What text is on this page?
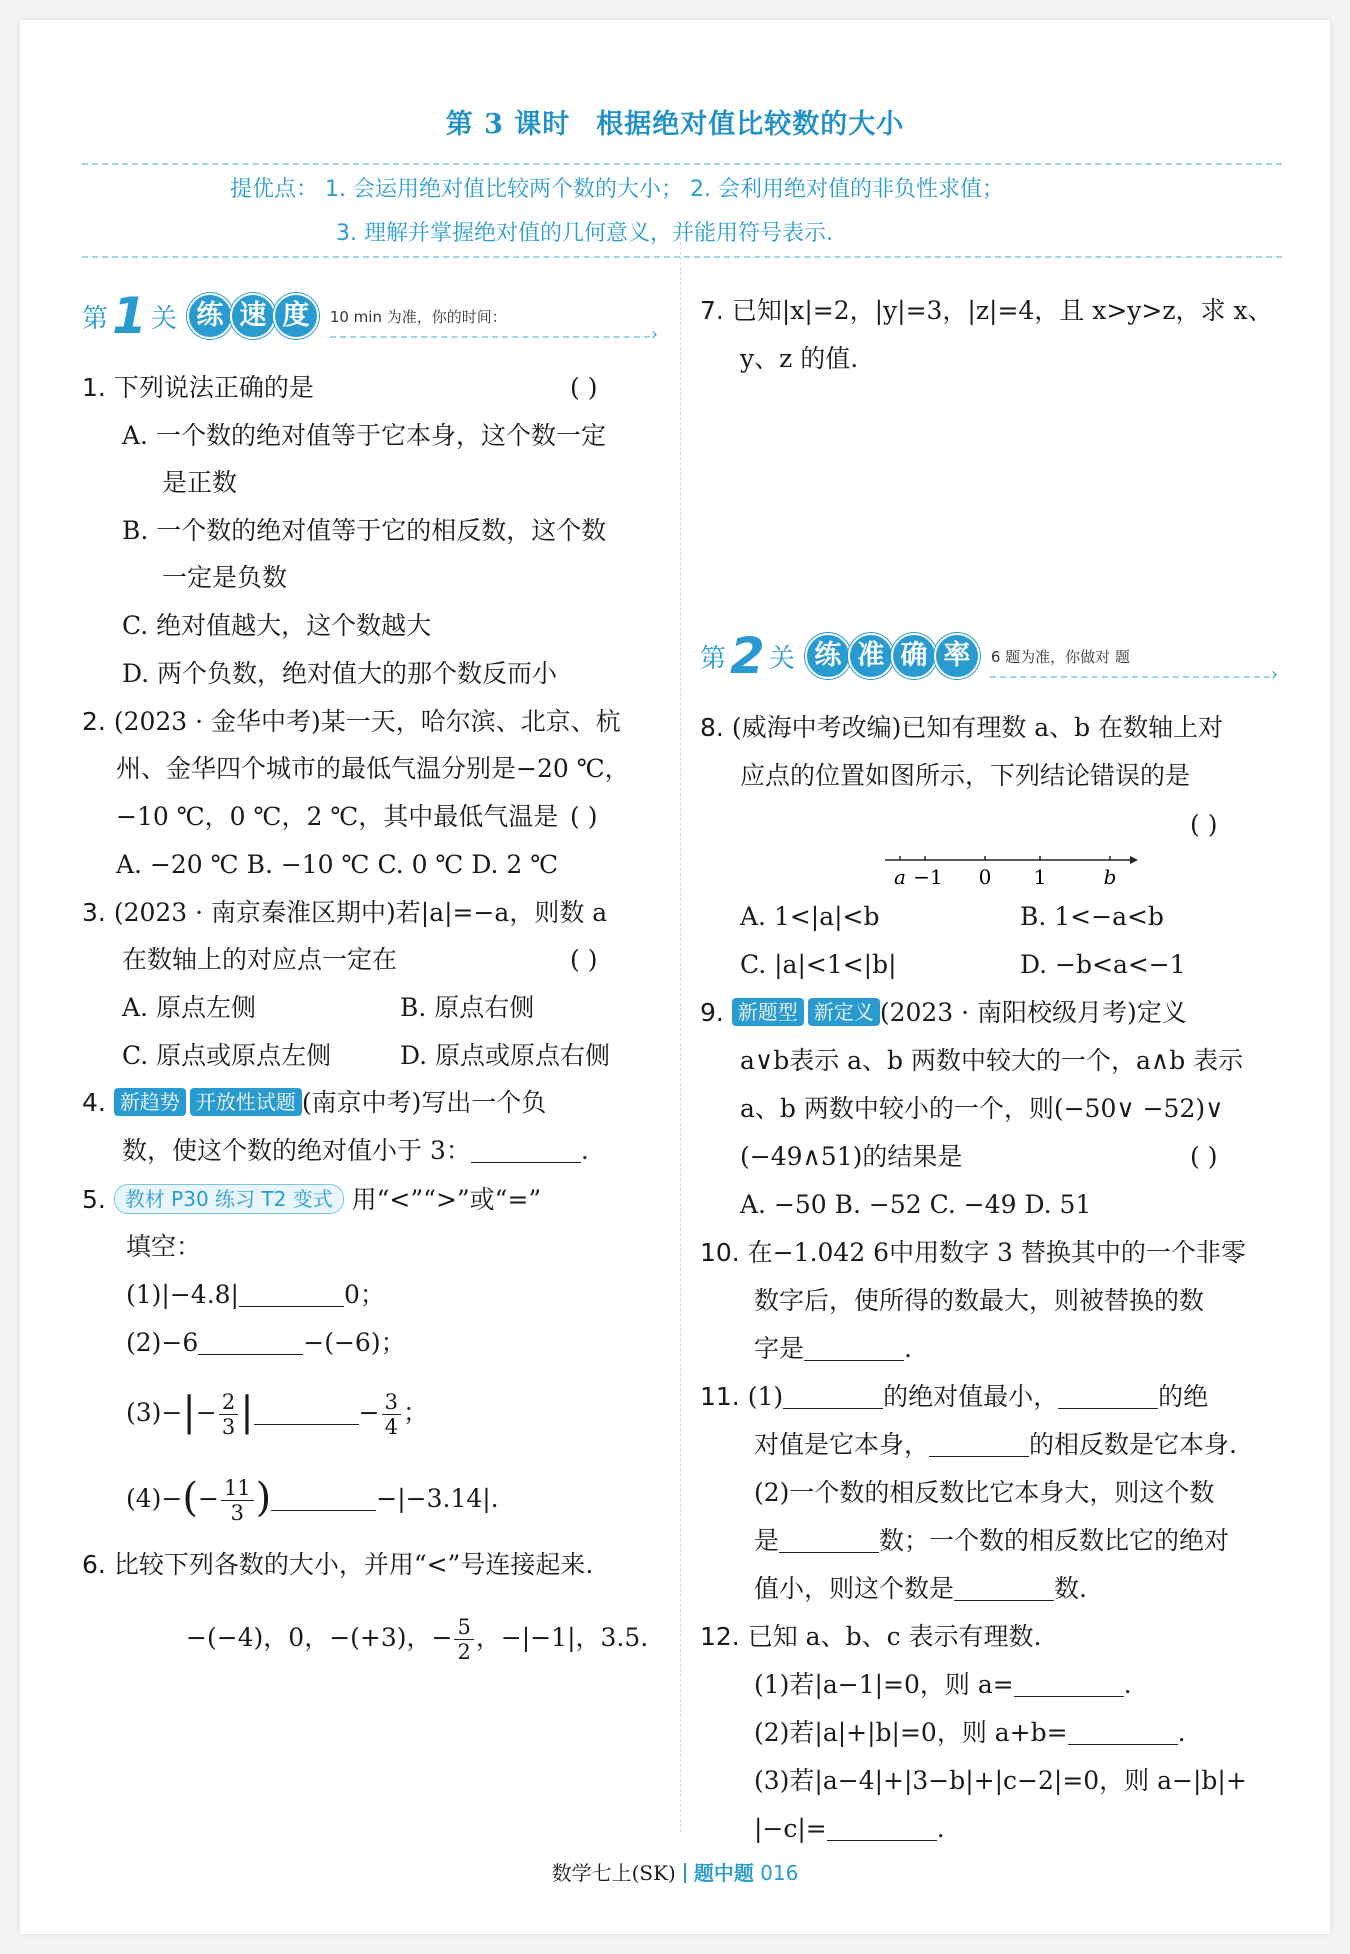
第 3 课时 根据绝对值比较数的大小
提优点： 1. 会运用绝对值比较两个数的大小； 2. 会利用绝对值的非负性求值；
3. 理解并掌握绝对值的几何意义，并能用符号表示.
第 1 关 练 速 度	10 min 为准，你的时间：
›
1. 下列说法正确的是	( )
A. 一个数的绝对值等于它本身，这个数一定
是正数
B. 一个数的绝对值等于它的相反数，这个数
一定是负数
C. 绝对值越大，这个数越大
D. 两个负数，绝对值大的那个数反而小
2. (2023 · 金华中考)某一天，哈尔滨、北京、杭
州、金华四个城市的最低气温分别是−20 ℃，
−10 ℃，0 ℃，2 ℃，其中最低气温是 ( )
A. −20 ℃ B. −10 ℃ C. 0 ℃ D. 2 ℃
3. (2023 · 南京秦淮区期中)若|a|=−a，则数 a
在数轴上的对应点一定在	( )
A. 原点左侧	B. 原点右侧
C. 原点或原点左侧	D. 原点或原点右侧
4. 新趋势 开放性试题 (南京中考)写出一个负
数，使这个数的绝对值小于 3：	.
5. 教材 P30 练习 T2 变式 用“<”“>”或“=”
填空：
(1)|−4.8|	0；
(2)−6	−(−6)；
$(3)-|- \frac{2}{3}$ |	− $\frac{3}{4}$ ；
$(4)-(- \frac{11}{3}$ )	−|−3.14|.
6. 比较下列各数的大小，并用“<”号连接起来.
−(−4)，0，−(+3)，− $\frac{5}{2}$ ，−|−1|，3.5.
7. 已知|x|=2，|y|=3，|z|=4，且 x>y>z，求 x、
y、z 的值.
第 2 关 练 准 确 率	6 题为准，你做对 题
›
8. (威海中考改编)已知有理数 a、b 在数轴上对
应点的位置如图所示，下列结论错误的是
( )
a −1 0 1	b
A. 1<|a|<b	B. 1<−a<b
C. |a|<1<|b|	D. −b<a<−1
9. 新题型 新定义 (2023 · 南阳校级月考)定义
a∨b表示 a、b 两数中较大的一个，a∧b 表示
a、b 两数中较小的一个，则(−50∨ −52)∨
(−49∧51)的结果是	( )
A. −50 B. −52 C. −49 D. 51
10. 在−1.042 6中用数字 3 替换其中的一个非零
数字后，使所得的数最大，则被替换的数
字是	.
11. (1)	的绝对值最小，	的绝
对值是它本身，	的相反数是它本身.
(2)一个数的相反数比它本身大，则这个数
是	数；一个数的相反数比它的绝对
值小，则这个数是	数.
12. 已知 a、b、c 表示有理数.
(1)若|a−1|=0，则 a=	.
(2)若|a|+|b|=0，则 a+b=	.
(3)若|a−4|+|3−b|+|c−2|=0，则 a−|b|+
|−c|=	.
数学七上(SK) 题中题 016
